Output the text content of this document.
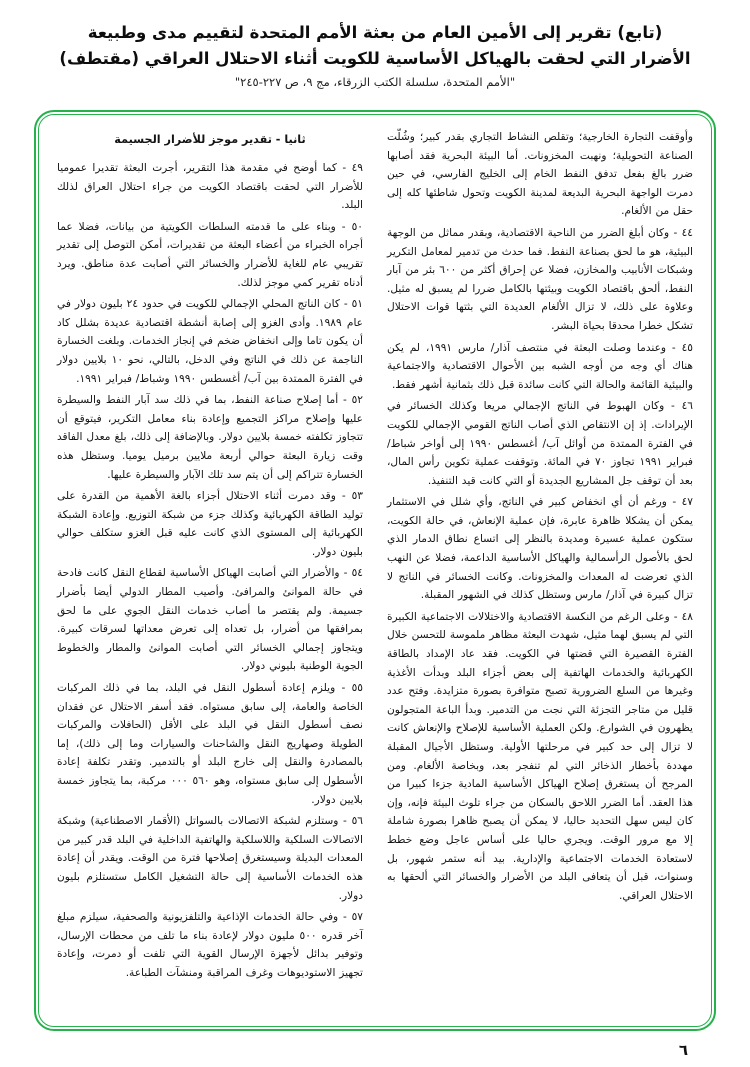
(تابع) تقرير إلى الأمين العام من بعثة الأمم المتحدة لتقييم مدى وطبيعة
الأضرار التي لحقت بالهياكل الأساسية للكويت أثناء الاحتلال العراقي (مقتطف)
"الأمم المتحدة، سلسلة الكتب الزرقاء، مج ٩، ص ٢٢٧-٢٤٥"

وأوقفت التجارة الخارجية؛ وتقلص النشاط التجاري بقدر كبير؛ وشُلّت الصناعة التحويلية؛ ونهبت المخزونات. أما البيئة البحرية فقد أصابها ضرر بالغ بفعل تدفق النفط الخام إلى الخليج الفارسي، في حين دمرت الواجهة البحرية البديعة لمدينة الكويت وتحول شاطئها كله إلى حقل من الألغام.

٤٤ - وكان أبلغ الضرر من الناحية الاقتصادية، وبقدر مماثل من الوجهة البيئية، هو ما لحق بصناعة النفط. فما حدث من تدمير لمعامل التكرير وشبكات الأنابيب والمخازن، فضلا عن إحراق أكثر من ٦٠٠ بئر من آبار النفط، ألحق باقتصاد الكويت وبيئتها بالكامل ضررا لم يسبق له مثيل. وعلاوة على ذلك، لا تزال الألغام العديدة التي بثتها قوات الاحتلال تشكل خطرا محدقا بحياة البشر.

٤٥ - وعندما وصلت البعثة في منتصف آذار/ مارس ١٩٩١، لم يكن هناك أي وجه من أوجه الشبه بين الأحوال الاقتصادية والاجتماعية والبيئية القائمة والحالة التي كانت سائدة قبل ذلك بثمانية أشهر فقط.

٤٦ - وكان الهبوط في الناتج الإجمالي مريعا وكذلك الخسائر في الإيرادات. إذ إن الانتقاص الذي أصاب الناتج القومي الإجمالي للكويت في الفترة الممتدة من أوائل آب/ أغسطس ١٩٩٠ إلى أواخر شباط/ فبراير ١٩٩١ تجاوز ٧٠ في المائة. وتوقفت عملية تكوين رأس المال، بعد أن توقف جل المشاريع الجديدة أو التي كانت قيد التنفيذ.

٤٧ - ورغم أن أي انخفاض كبير في الناتج، وأي شلل في الاستثمار يمكن أن يشكلا ظاهرة عابرة، فإن عملية الإنعاش، في حالة الكويت، ستكون عملية عسيرة ومديدة بالنظر إلى اتساع نطاق الدمار الذي لحق بالأصول الرأسمالية والهياكل الأساسية الداعمة، فضلا عن النهب الذي تعرضت له المعدات والمخزونات. وكانت الخسائر في الناتج لا تزال كبيرة في آذار/ مارس وستظل كذلك في الشهور المقبلة.

٤٨ - وعلى الرغم من النكسة الاقتصادية والاختلالات الاجتماعية الكبيرة التي لم يسبق لهما مثيل، شهدت البعثة مظاهر ملموسة للتحسن خلال الفترة القصيرة التي قضتها في الكويت. فقد عاد الإمداد بالطاقة الكهربائية والخدمات الهاتفية إلى بعض أجزاء البلد وبدأت الأغذية وغيرها من السلع الضرورية تصبح متوافرة بصورة متزايدة. وفتح عدد قليل من متاجر التجزئة التي نجت من التدمير. وبدأ الباعة المتجولون يظهرون في الشوارع. ولكن العملية الأساسية للإصلاح والإنعاش كانت لا تزال إلى حد كبير في مرحلتها الأولية. وستظل الأجيال المقبلة مهددة بأخطار الذخائر التي لم تنفجر بعد، وبخاصة الألغام. ومن المرجح أن يستغرق إصلاح الهياكل الأساسية المادية جزءا كبيرا من هذا العقد. أما الضرر اللاحق بالسكان من جراء تلوث البيئة فإنه، وإن كان ليس سهل التحديد حاليا، لا يمكن أن يصبح ظاهرا بصورة شاملة إلا مع مرور الوقت. ويجري حاليا على أساس عاجل وضع خطط لاستعادة الخدمات الاجتماعية والإدارية. بيد أنه ستمر شهور، بل وسنوات، قبل أن يتعافى البلد من الأضرار والخسائر التي ألحقها به الاحتلال العراقي.

ثانيا - تقدير موجز للأضرار الجسيمة

٤٩ - كما أوضح في مقدمة هذا التقرير، أجرت البعثة تقديرا عموميا للأضرار التي لحقت باقتصاد الكويت من جراء احتلال العراق لذلك البلد.

٥٠ - وبناء على ما قدمته السلطات الكويتية من بيانات، فضلا عما أجراه الخبراء من أعضاء البعثة من تقديرات، أمكن التوصل إلى تقدير تقريبي عام للغاية للأضرار والخسائر التي أصابت عدة مناطق. ويرد أدناه تقرير كمي موجز لذلك.

٥١ - كان الناتج المحلي الإجمالي للكويت في حدود ٢٤ بليون دولار في عام ١٩٨٩. وأدى الغزو إلى إصابة أنشطة اقتصادية عديدة بشلل كاد أن يكون تاما وإلى انخفاض ضخم في إنجاز الخدمات. وبلغت الخسارة الناجمة عن ذلك في الناتج وفي الدخل، بالتالي، نحو ١٠ بلايين دولار في الفترة الممتدة بين آب/ أغسطس ١٩٩٠ وشباط/ فبراير ١٩٩١.

٥٢ - أما إصلاح صناعة النفط، بما في ذلك سد آبار النفط والسيطرة عليها وإصلاح مراكز التجميع وإعادة بناء معامل التكرير، فيتوقع أن تتجاوز تكلفته خمسة بلايين دولار. وبالإضافة إلى ذلك، بلغ معدل الفاقد وقت زيارة البعثة حوالي أربعة ملايين برميل يوميا. وستظل هذه الخسارة تتراكم إلى أن يتم سد تلك الآبار والسيطرة عليها.

٥٣ - وقد دمرت أثناء الاحتلال أجزاء بالغة الأهمية من القدرة على توليد الطاقة الكهربائية وكذلك جزء من شبكة التوزيع. وإعادة الشبكة الكهربائية إلى المستوى الذي كانت عليه قبل الغزو ستكلف حوالي بليون دولار.

٥٤ - والأضرار التي أصابت الهياكل الأساسية لقطاع النقل كانت فادحة في حالة الموانئ والمرافئ. وأصيب المطار الدولي أيضا بأضرار جسيمة. ولم يقتصر ما أصاب خدمات النقل الجوي على ما لحق بمرافقها من أضرار، بل تعداه إلى تعرض معداتها لسرقات كبيرة. ويتجاوز إجمالي الخسائر التي أصابت الموانئ والمطار والخطوط الجوية الوطنية بليوني دولار.

٥٥ - ويلزم إعادة أسطول النقل في البلد، بما في ذلك المركبات الخاصة والعامة، إلى سابق مستواه. فقد أسفر الاحتلال عن فقدان نصف أسطول النقل في البلد على الأقل (الحافلات والمركبات الطويلة وصهاريج النقل والشاحنات والسيارات وما إلى ذلك)، إما بالمصادرة والنقل إلى خارج البلد أو بالتدمير. وتقدر تكلفة إعادة الأسطول إلى سابق مستواه، وهو ٥٦٠ ٠٠٠ مركبة، بما يتجاوز خمسة بلايين دولار.

٥٦ - وستلزم لشبكة الاتصالات بالسواتل (الأقمار الاصطناعية) وشبكة الاتصالات السلكية واللاسلكية والهاتفية الداخلية في البلد قدر كبير من المعدات البديلة وسيستغرق إصلاحها فترة من الوقت. ويقدر أن إعادة هذه الخدمات الأساسية إلى حالة التشغيل الكامل ستستلزم بليون دولار.

٥٧ - وفي حالة الخدمات الإذاعية والتلفزيونية والصحفية، سيلزم مبلغ آخر قدره ٥٠٠ مليون دولار لإعادة بناء ما تلف من محطات الإرسال، وتوفير بدائل لأجهزة الإرسال القوية التي تلفت أو دمرت، وإعادة تجهيز الاستوديوهات وغرف المراقبة ومنشآت الطباعة.

٦
